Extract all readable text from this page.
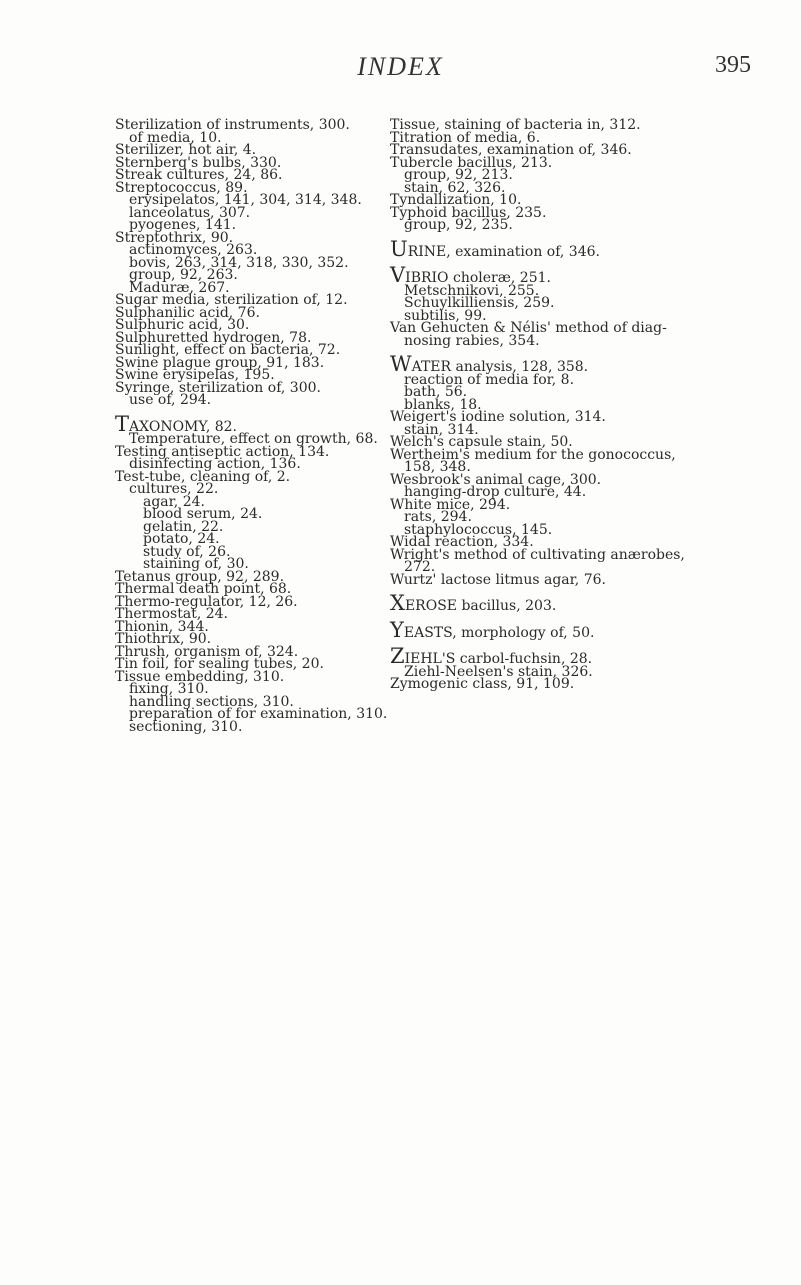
INDEX	395
Sterilization of instruments, 300.
of media, 10.
Sterilizer, hot air, 4.
Sternberg's bulbs, 330.
Streak cultures, 24, 86.
Streptococcus, 89.
erysipelatos, 141, 304, 314, 348.
lanceolatus, 307.
pyogenes, 141.
Streptothrix, 90.
actinomyces, 263.
bovis, 263, 314, 318, 330, 352.
group, 92, 263.
Maduræ, 267.
Sugar media, sterilization of, 12.
Sulphanilic acid, 76.
Sulphuric acid, 30.
Sulphuretted hydrogen, 78.
Sunlight, effect on bacteria, 72.
Swine plague group, 91, 183.
Swine erysipelas, 195.
Syringe, sterilization of, 300.
use of, 294.
TAXONOMY, 82.
Temperature, effect on growth, 68.
Testing antiseptic action, 134.
disinfecting action, 136.
Test-tube, cleaning of, 2.
cultures, 22.
agar, 24.
blood serum, 24.
gelatin, 22.
potato, 24.
study of, 26.
staining of, 30.
Tetanus group, 92, 289.
Thermal death point, 68.
Thermo-regulator, 12, 26.
Thermostat, 24.
Thionin, 344.
Thiothrix, 90.
Thrush, organism of, 324.
Tin foil, for sealing tubes, 20.
Tissue embedding, 310.
fixing, 310.
handling sections, 310.
preparation of for examination, 310.
sectioning, 310.
Tissue, staining of bacteria in, 312.
Titration of media, 6.
Transudates, examination of, 346.
Tubercle bacillus, 213.
group, 92, 213.
stain, 62, 326.
Tyndallization, 10.
Typhoid bacillus, 235.
group, 92, 235.
URINE, examination of, 346.
VIBRIO choleræ, 251.
Metschnikovi, 255.
Schuylkilliensis, 259.
subtilis, 99.
Van Gehucten & Nélis' method of diag-
nosing rabies, 354.
WATER analysis, 128, 358.
reaction of media for, 8.
bath, 56.
blanks, 18.
Weigert's iodine solution, 314.
stain, 314.
Welch's capsule stain, 50.
Wertheim's medium for the gonococcus,
158, 348.
Wesbrook's animal cage, 300.
hanging-drop culture, 44.
White mice, 294.
rats, 294.
staphylococcus, 145.
Widal reaction, 334.
Wright's method of cultivating anærobes,
272.
Wurtz' lactose litmus agar, 76.
XEROSE bacillus, 203.
YEASTS, morphology of, 50.
ZIEHL'S carbol-fuchsin, 28.
Ziehl-Neelsen's stain, 326.
Zymogenic class, 91, 109.
